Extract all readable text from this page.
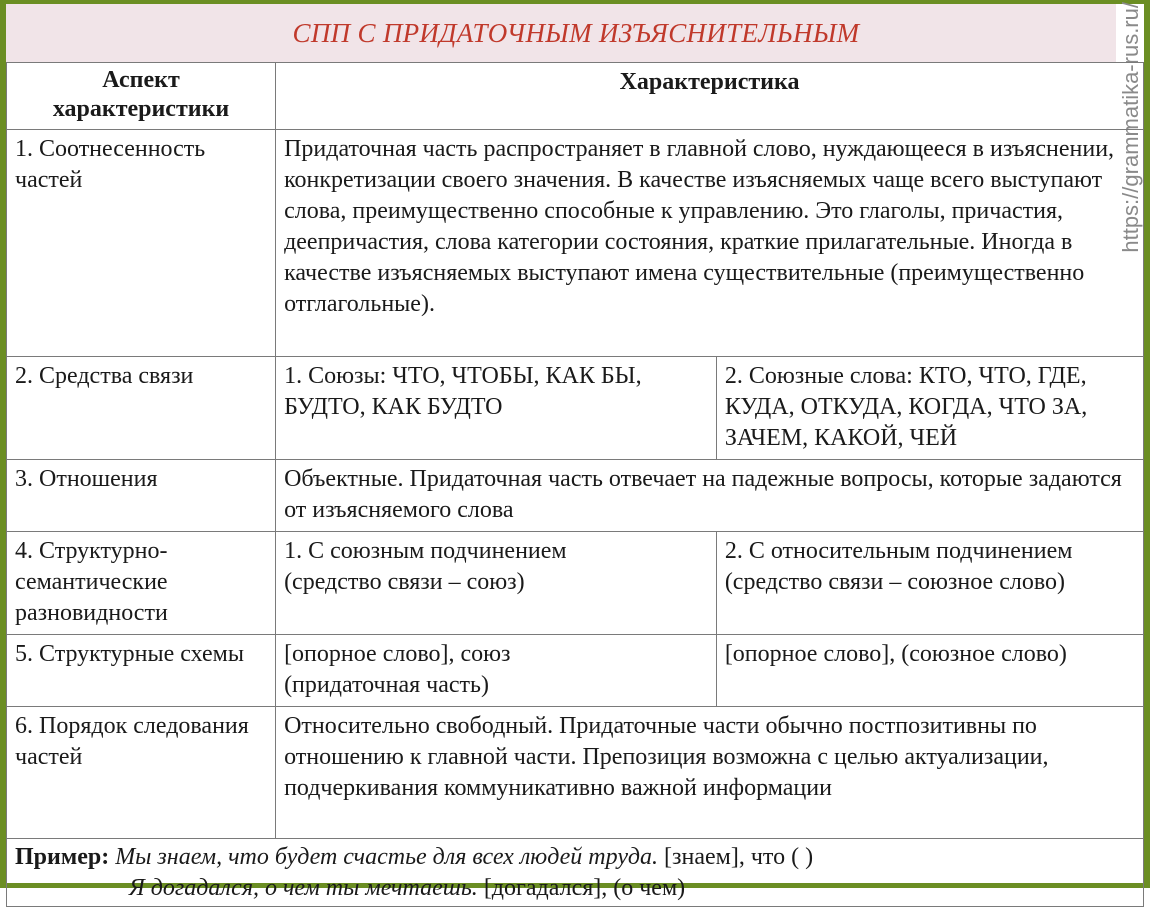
СПП С ПРИДАТОЧНЫМ ИЗЪЯСНИТЕЛЬНЫМ	https://grammatika-rus.ru/
Аспект характеристики	Характеристика	
1. Соотнесенность частей	Придаточная часть распространяет в главной слово, нуждающееся в изъяснении, конкретизации своего значения. В качестве изъясняемых чаще всего выступают слова, преимущественно способные к управлению. Это глаголы, причастия, деепричастия, слова категории состояния, краткие прилагательные. Иногда в качестве изъясняемых выступают имена существительные (преимущественно отглагольные).	
2. Средства связи	1. Союзы: ЧТО, ЧТОБЫ, КАК БЫ, БУДТО, КАК БУДТО	2. Союзные слова: КТО, ЧТО, ГДЕ, КУДА, ОТКУДА, КОГДА, ЧТО ЗА, ЗАЧЕМ, КАКОЙ, ЧЕЙ
3. Отношения	Объектные. Придаточная часть отвечает на падежные вопросы, которые задаются от изъясняемого слова	
4. Структурно-семантические разновидности	1. С союзным подчинением (средство связи – союз)	2. С относительным подчинением (средство связи – союзное слово)
5. Структурные схемы	[опорное слово], союз (придаточная часть)	[опорное слово], (союзное слово)
6. Порядок следования частей	Относительно свободный. Придаточные части обычно постпозитивны по отношению к главной части. Препозиция возможна с целью актуализации, подчеркивания коммуникативно важной информации	

Пример: Мы знаем, что будет счастье для всех людей труда. [знаем], что ( )
Я догадался, о чем ты мечтаешь. [догадался], (о чем)		
